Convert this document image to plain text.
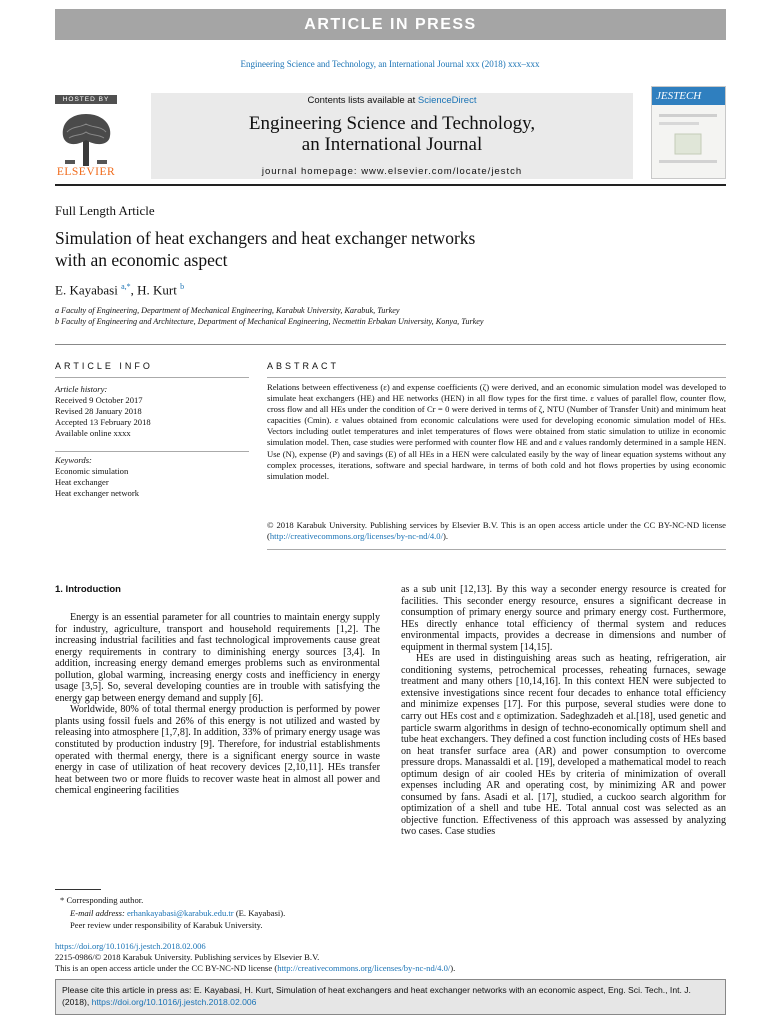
ARTICLE IN PRESS
Engineering Science and Technology, an International Journal xxx (2018) xxx–xxx
HOSTED BY
ELSEVIER
Contents lists available at ScienceDirect
Engineering Science and Technology,
an International Journal
journal homepage: www.elsevier.com/locate/jestch
JESTECH
Full Length Article
Simulation of heat exchangers and heat exchanger networks
with an economic aspect
E. Kayabasi $^{a,*}$, H. Kurt $^b$
a Faculty of Engineering, Department of Mechanical Engineering, Karabuk University, Karabuk, Turkey
b Faculty of Engineering and Architecture, Department of Mechanical Engineering, Necmettin Erbakan University, Konya, Turkey
ARTICLE INFO	ABSTRACT
Article history:
Received 9 October 2017
Revised 28 January 2018
Accepted 13 February 2018
Available online xxxx
Keywords:
Economic simulation
Heat exchanger
Heat exchanger network
Relations between effectiveness (ε) and expense coefficients (ζ) were derived, and an economic simulation model was developed to simulate heat exchangers (HE) and HE networks (HEN) in all flow types for the first time. ε values of parallel flow, counter flow, cross flow and all HEs under the condition of Cr = 0 were derived in terms of ζ, NTU (Number of Transfer Unit) and minimum heat capacities (Cmin). ε values obtained from economic calculations were used for developing economic simulation model of HEs. Vectors including outlet temperatures and inlet temperatures of flows were obtained from static simulation to utilize in economic simulation model. Then, case studies were performed with counter flow HE and and ε values randomly determined in a sample HEN. Use (N), expense (P) and savings (E) of all HEs in a HEN were calculated easily by the way of linear equation systems without any complex processes, iterations, software and special hardware, in terms of both cold and hot flows properties by using economic simulation model.
© 2018 Karabuk University. Publishing services by Elsevier B.V. This is an open access article under the CC BY-NC-ND license (http://creativecommons.org/licenses/by-nc-nd/4.0/).
1. Introduction

Energy is an essential parameter for all countries to maintain energy supply for industry, agriculture, transport and household requirements [1,2]. The increasing industrial facilities and fast technological improvements cause great energy requirements in contrary to diminishing energy sources [3,4]. In addition, increasing energy demand emerges problems such as environmental pollution, global warming, increasing energy costs and inefficiency in energy usage [3,5]. So, several developing counties are in trouble with satisfying the energy gap between energy demand and supply [6].

Worldwide, 80% of total thermal energy production is performed by power plants using fossil fuels and 26% of this energy is not utilized and wasted by releasing into atmosphere [1,7,8]. In addition, 33% of primary energy usage was constituted by production industry [9]. Therefore, for industrial establishments operated with thermal energy, there is a significant energy source in waste energy in case of utilization of heat recovery devices [2,10,11]. HEs transfer heat between two or more fluids to recover waste heat in almost all power and chemical engineering facilities

as a sub unit [12,13]. By this way a seconder energy resource is created for facilities. This seconder energy resource, ensures a significant decrease in consumption of primary energy source and primary energy cost. Furthermore, HEs directly enhance total efficiency of thermal system and reduces environmental impacts, provides a decrease in dimensions and number of equipment in thermal system [14,15].

HEs are used in distinguishing areas such as heating, refrigeration, air conditioning systems, petrochemical processes, reheating furnaces, sewage treatment and many others [10,14,16]. In this context HEN were subjected to extensive investigations since recent four decades to enhance total efficiency and minimize expenses [17]. For this purpose, several studies were done to carry out HEs cost and ε optimization. Sadeghzadeh et al.[18], used genetic and particle swarm algorithms in design of techno-economically optimum shell and tube heat exchangers. They defined a cost function including costs of HEs based on heat transfer surface area (AR) and power consumption to overcome pressure drops. Manassaldi et al. [19], developed a mathematical model to reach optimum design of air cooled HEs by criteria of minimization of overall expenses including AR and operating cost, by minimizing AR and power consumed by fans. Asadi et al. [17], studied, a cuckoo search algorithm for optimization of a shell and tube HE. Total annual cost was selected as an objective function. Effectiveness of this approach was assessed by analyzing two cases. Case studies

* Corresponding author.
E-mail address: erhankayabasi@karabuk.edu.tr (E. Kayabasi).
Peer review under responsibility of Karabuk University.
https://doi.org/10.1016/j.jestch.2018.02.006
2215-0986/© 2018 Karabuk University. Publishing services by Elsevier B.V.
This is an open access article under the CC BY-NC-ND license (http://creativecommons.org/licenses/by-nc-nd/4.0/).
Please cite this article in press as: E. Kayabasi, H. Kurt, Simulation of heat exchangers and heat exchanger networks with an economic aspect, Eng. Sci. Tech., Int. J. (2018), https://doi.org/10.1016/j.jestch.2018.02.006
